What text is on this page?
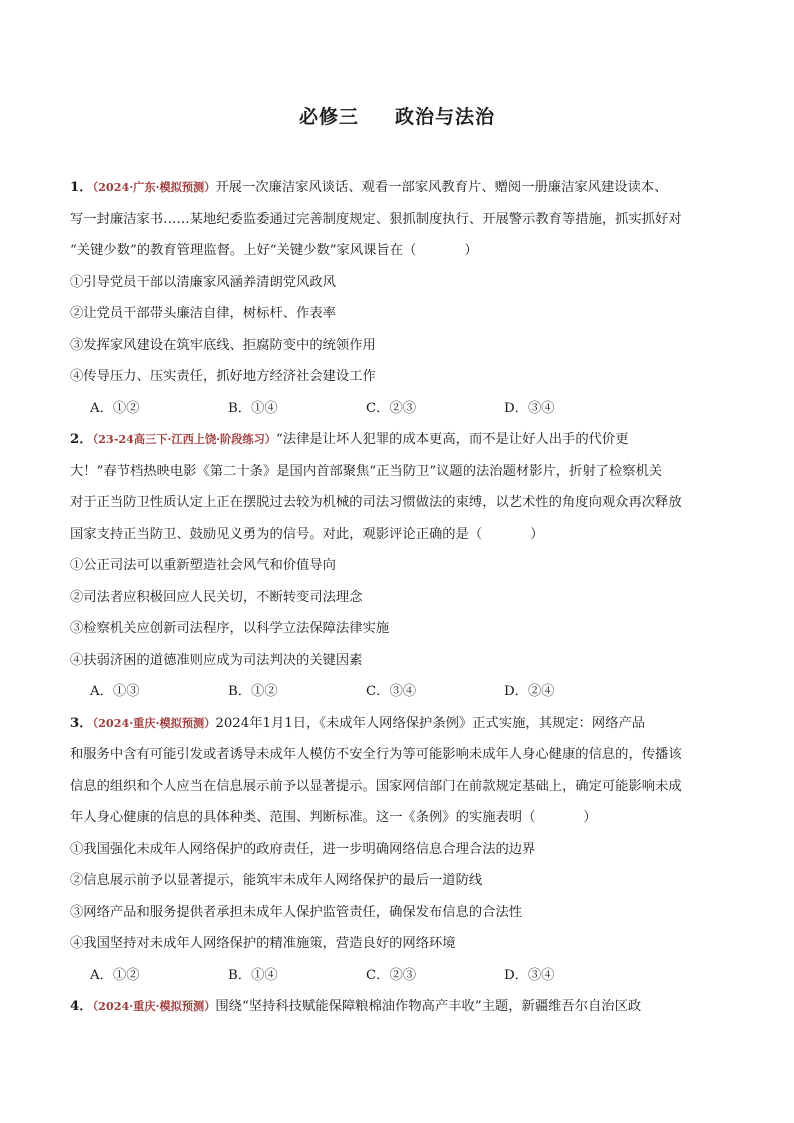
必修三 政治与法治
1．（2024·广东·模拟预测）开展一次廉洁家风谈话、观看一部家风教育片、赠阅一册廉洁家风建设读本、
写一封廉洁家书……某地纪委监委通过完善制度规定、狠抓制度执行、开展警示教育等措施，抓实抓好对
“关键少数”的教育管理监督。上好“关键少数”家风课旨在（	）
①引导党员干部以清廉家风涵养清朗党风政风
②让党员干部带头廉洁自律，树标杆、作表率
③发挥家风建设在筑牢底线、拒腐防变中的统领作用
④传导压力、压实责任，抓好地方经济社会建设工作
A．①②	B．①④	C．②③	D．③④
2．（23-24高三下·江西上饶·阶段练习）“法律是让坏人犯罪的成本更高，而不是让好人出手的代价更
大！”春节档热映电影《第二十条》是国内首部聚焦“正当防卫”议题的法治题材影片，折射了检察机关
对于正当防卫性质认定上正在摆脱过去较为机械的司法习惯做法的束缚，以艺术性的角度向观众再次释放
国家支持正当防卫、鼓励见义勇为的信号。对此，观影评论正确的是（	）
①公正司法可以重新塑造社会风气和价值导向
②司法者应积极回应人民关切，不断转变司法理念
③检察机关应创新司法程序，以科学立法保障法律实施
④扶弱济困的道德准则应成为司法判决的关键因素
A．①③	B．①②	C．③④	D．②④
3．（2024·重庆·模拟预测）2024年1月1日，《未成年人网络保护条例》正式实施，其规定：网络产品
和服务中含有可能引发或者诱导未成年人模仿不安全行为等可能影响未成年人身心健康的信息的，传播该
信息的组织和个人应当在信息展示前予以显著提示。国家网信部门在前款规定基础上，确定可能影响未成
年人身心健康的信息的具体种类、范围、判断标准。这一《条例》的实施表明（	）
①我国强化未成年人网络保护的政府责任，进一步明确网络信息合理合法的边界
②信息展示前予以显著提示，能筑牢未成年人网络保护的最后一道防线
③网络产品和服务提供者承担未成年人保护监管责任，确保发布信息的合法性
④我国坚持对未成年人网络保护的精准施策，营造良好的网络环境
A．①②	B．①④	C．②③	D．③④
4．（2024·重庆·模拟预测）围绕“坚持科技赋能保障粮棉油作物高产丰收”主题，新疆维吾尔自治区政
